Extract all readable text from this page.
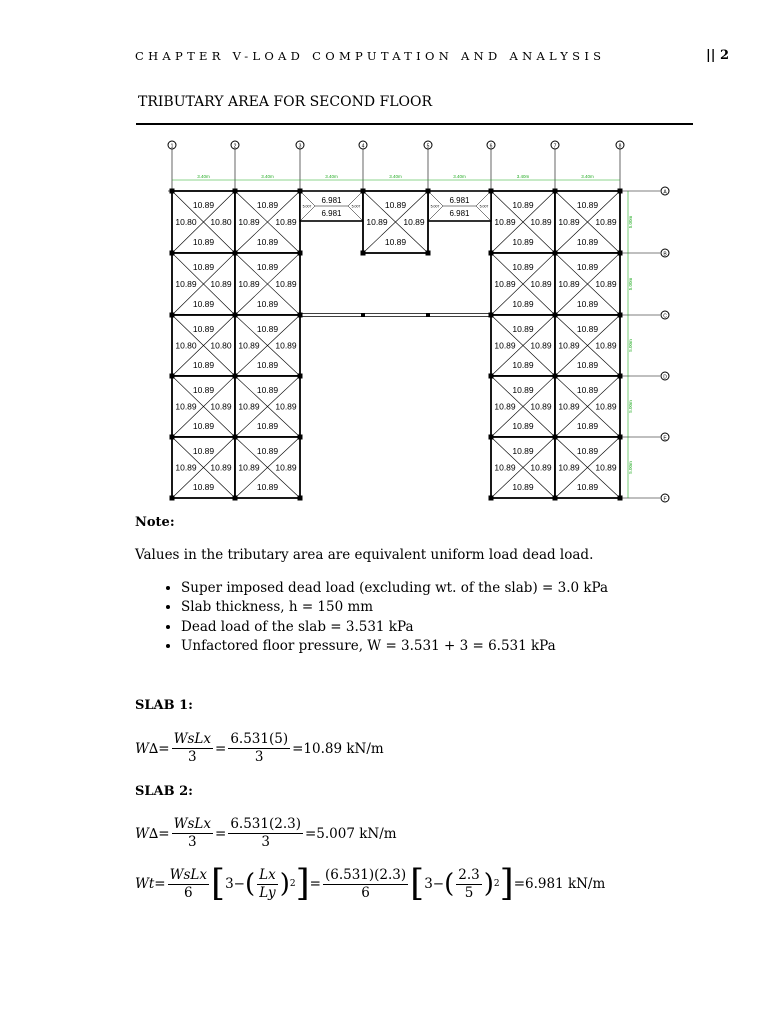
CHAPTER V-LOAD COMPUTATION AND ANALYSIS	|| 2
TRIBUTARY AREA FOR SECOND FLOOR
1	2	3	4	5	6	7	8
3.40m	3.40m	3.40m	3.40m	3.40m	3.40m	3.40m
A
B
C
D
E
F
5.00m
5.00m
5.00m
5.00m
5.00m
10.89
10.80 10.80
10.89
10.89
10.89 10.89
10.89
10.89
10.89 10.89
10.89
10.89
10.89 10.89
10.89
10.89
10.80 10.80
10.89
10.89
10.89 10.89
10.89
10.89
10.89 10.89
10.89
10.89
10.89 10.89
10.89
10.89
10.89 10.89
10.89
10.89
10.89 10.89
10.89
10.89
10.89 10.89
10.89
10.89
10.89 10.89
10.89
10.89
10.89 10.89
10.89
10.89
10.89 10.89
10.89
10.89
10.89 10.89
10.89
10.89
10.89 10.89
10.89
10.89
10.89 10.89
10.89
10.89
10.89 10.89
10.89
10.89
10.89 10.89
10.89
10.89
10.89 10.89
10.89
6.981
6.981
5.007	5.007
6.981
6.981
5.007	5.007
10.89
10.89 10.89
10.89
Note:
Values in the tributary area are equivalent uniform load dead load.
• Super imposed dead load (excluding wt. of the slab) = 3.0 kPa
• Slab thickness, h = 150 mm
• Dead load of the slab = 3.531 kPa
• Unfactored floor pressure, W = 3.531 + 3 = 6.531 kPa
SLAB 1:
$W\Delta= \frac{\text{WsLx}}{3} = \frac{6.531(5)}{3} =10.89$ kN/m
SLAB 2:
$W\Delta= \frac{\text{WsLx}}{3} = \frac{6.531(2.3)}{3} =5.007$ kN/m
$Wt= \frac{\text{WsLx}}{6}$ [ 3− ( $\frac{Lx}{Ly}$ ) 2 ] = $\frac{(6.531)(2.3)}{6}$ [ 3− ( $\frac{2.3}{5}$ ) 2 ] =6.981 kN/m
